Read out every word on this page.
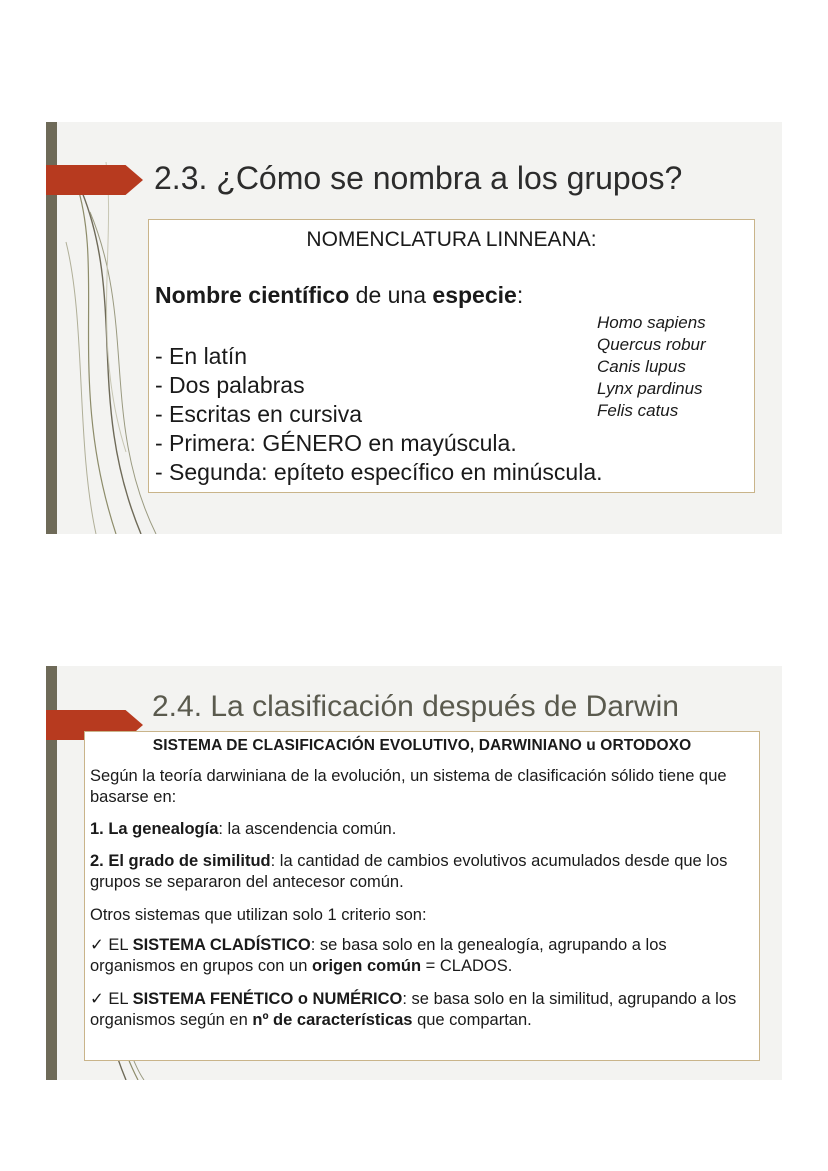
2.3. ¿Cómo se nombra a los grupos?
NOMENCLATURA LINNEANA:
Nombre científico de una especie:
Homo sapiens
Quercus robur
Canis lupus
Lynx pardinus
Felis catus
- En latín
- Dos palabras
- Escritas en cursiva
- Primera: GÉNERO en mayúscula.
- Segunda: epíteto específico en minúscula.
2.4. La clasificación después de Darwin
SISTEMA DE CLASIFICACIÓN EVOLUTIVO, DARWINIANO u ORTODOXO
Según la teoría darwiniana de la evolución, un sistema de clasificación sólido tiene que basarse en:
1. La genealogía: la ascendencia común.
2. El grado de similitud: la cantidad de cambios evolutivos acumulados desde que los grupos se separaron del antecesor común.
Otros sistemas que utilizan solo 1 criterio son:
✓ EL SISTEMA CLADÍSTICO: se basa solo en la genealogía, agrupando a los organismos en grupos con un origen común = CLADOS.
✓ EL SISTEMA FENÉTICO o NUMÉRICO: se basa solo en la similitud, agrupando a los organismos según en nº de características que compartan.
